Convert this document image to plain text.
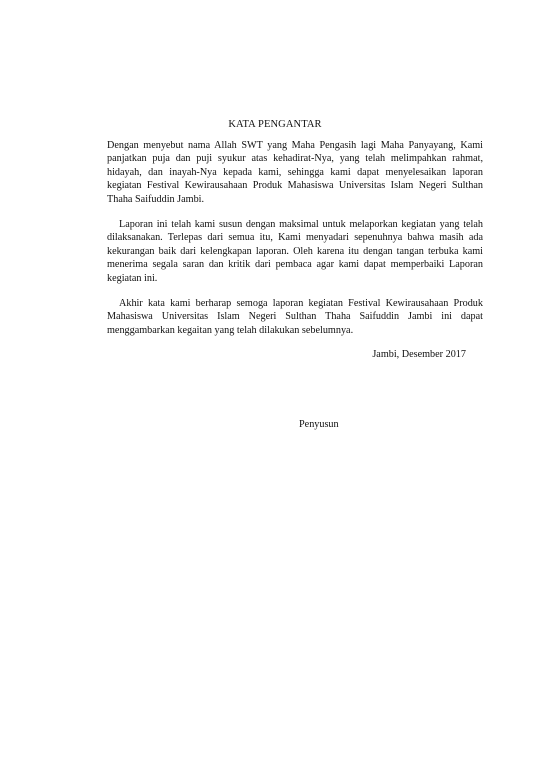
KATA PENGANTAR

Dengan menyebut nama Allah SWT yang Maha Pengasih lagi Maha Panyayang, Kami panjatkan puja dan puji syukur atas kehadirat-Nya, yang telah melimpahkan rahmat, hidayah, dan inayah-Nya kepada kami, sehingga kami dapat menyelesaikan laporan kegiatan Festival Kewirausahaan Produk Mahasiswa Universitas Islam Negeri Sulthan Thaha Saifuddin Jambi.

Laporan ini telah kami susun dengan maksimal untuk melaporkan kegiatan yang telah dilaksanakan. Terlepas dari semua itu, Kami menyadari sepenuhnya bahwa masih ada kekurangan baik dari kelengkapan laporan. Oleh karena itu dengan tangan terbuka kami menerima segala saran dan kritik dari pembaca agar kami dapat memperbaiki Laporan kegiatan ini.

Akhir kata kami berharap semoga laporan kegiatan Festival Kewirausahaan Produk Mahasiswa Universitas Islam Negeri Sulthan Thaha Saifuddin Jambi ini dapat menggambarkan kegaitan yang telah dilakukan sebelumnya.

Jambi, Desember 2017
Penyusun
